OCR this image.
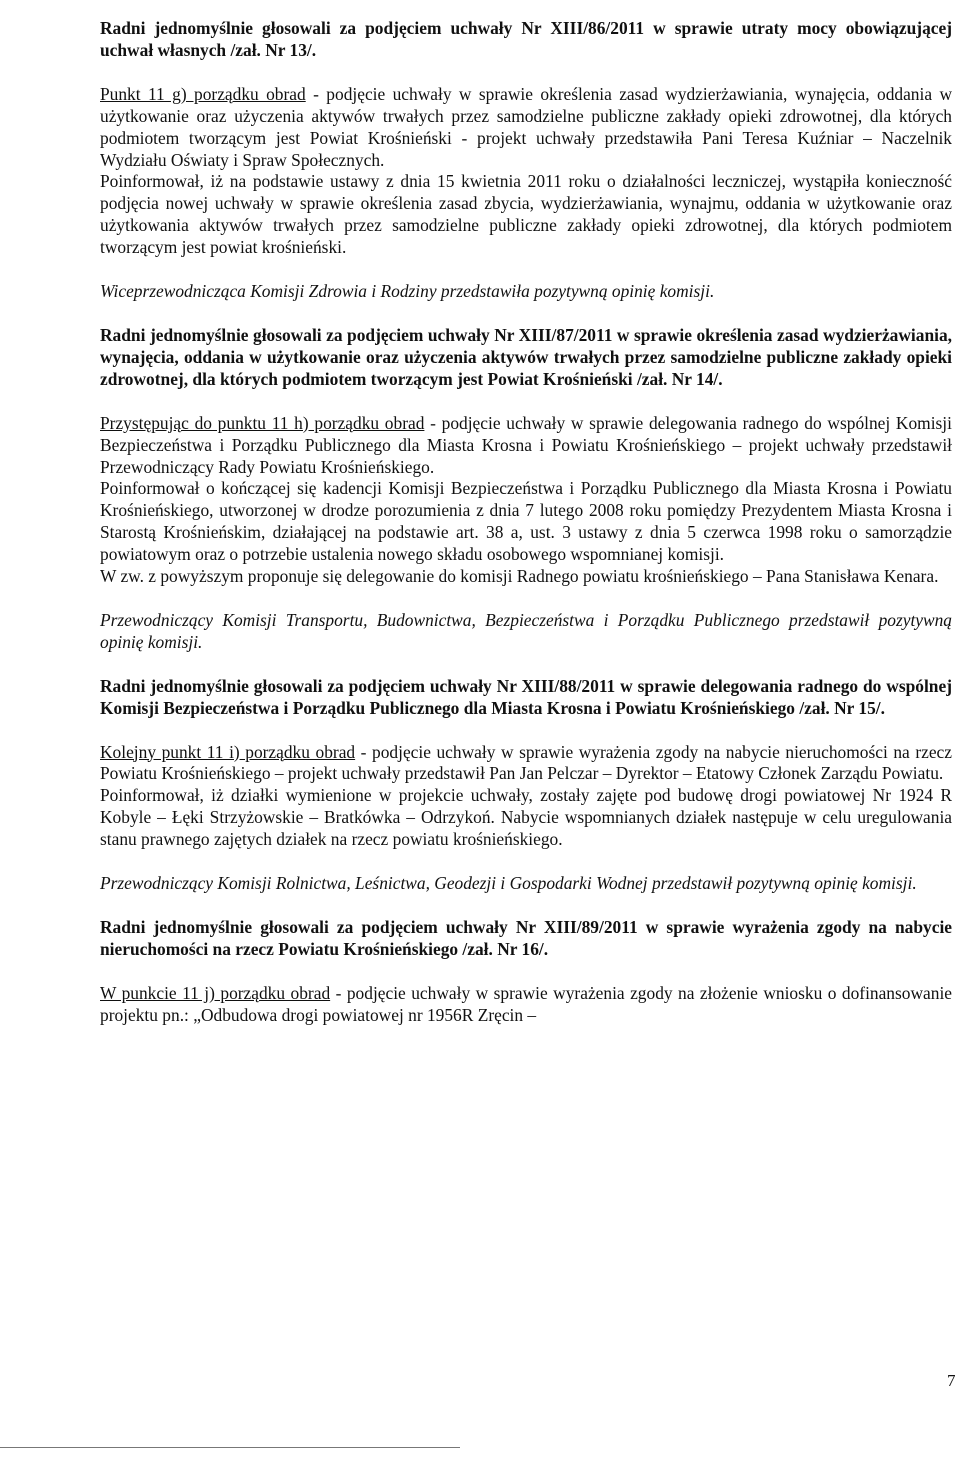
Radni jednomyślnie głosowali za podjęciem uchwały Nr XIII/86/2011 w sprawie utraty mocy obowiązującej uchwał własnych /zał. Nr 13/.

Punkt 11 g) porządku obrad - podjęcie uchwały w sprawie określenia zasad wydzierżawiania, wynajęcia, oddania w użytkowanie oraz użyczenia aktywów trwałych przez samodzielne publiczne zakłady opieki zdrowotnej, dla których podmiotem tworzącym jest Powiat Krośnieński - projekt uchwały przedstawiła Pani Teresa Kuźniar – Naczelnik Wydziału Oświaty i Spraw Społecznych.

Poinformował, iż na podstawie ustawy z dnia 15 kwietnia 2011 roku o działalności leczniczej, wystąpiła konieczność podjęcia nowej uchwały w sprawie określenia zasad zbycia, wydzierżawiania, wynajmu, oddania w użytkowanie oraz użytkowania aktywów trwałych przez samodzielne publiczne zakłady opieki zdrowotnej, dla których podmiotem tworzącym jest powiat krośnieński.

Wiceprzewodnicząca Komisji Zdrowia i Rodziny przedstawiła pozytywną opinię komisji.

Radni jednomyślnie głosowali za podjęciem uchwały Nr XIII/87/2011 w sprawie określenia zasad wydzierżawiania, wynajęcia, oddania w użytkowanie oraz użyczenia aktywów trwałych przez samodzielne publiczne zakłady opieki zdrowotnej, dla których podmiotem tworzącym jest Powiat Krośnieński /zał. Nr 14/.

Przystępując do punktu 11 h) porządku obrad - podjęcie uchwały w sprawie delegowania radnego do wspólnej Komisji Bezpieczeństwa i Porządku Publicznego dla Miasta Krosna i Powiatu Krośnieńskiego – projekt uchwały przedstawił Przewodniczący Rady Powiatu Krośnieńskiego.

Poinformował o kończącej się kadencji Komisji Bezpieczeństwa i Porządku Publicznego dla Miasta Krosna i Powiatu Krośnieńskiego, utworzonej w drodze porozumienia z dnia 7 lutego 2008 roku pomiędzy Prezydentem Miasta Krosna i Starostą Krośnieńskim, działającej na podstawie art. 38 a, ust. 3 ustawy z dnia 5 czerwca 1998 roku o samorządzie powiatowym oraz o potrzebie ustalenia nowego składu osobowego wspomnianej komisji.

W zw. z powyższym proponuje się delegowanie do komisji Radnego powiatu krośnieńskiego – Pana Stanisława Kenara.

Przewodniczący Komisji Transportu, Budownictwa, Bezpieczeństwa i Porządku Publicznego przedstawił pozytywną opinię komisji.

Radni jednomyślnie głosowali za podjęciem uchwały Nr XIII/88/2011 w sprawie delegowania radnego do wspólnej Komisji Bezpieczeństwa i Porządku Publicznego dla Miasta Krosna i Powiatu Krośnieńskiego /zał. Nr 15/.

Kolejny punkt 11 i) porządku obrad - podjęcie uchwały w sprawie wyrażenia zgody na nabycie nieruchomości na rzecz Powiatu Krośnieńskiego – projekt uchwały przedstawił Pan Jan Pelczar – Dyrektor – Etatowy Członek Zarządu Powiatu.

Poinformował, iż działki wymienione w projekcie uchwały, zostały zajęte pod budowę drogi powiatowej Nr 1924 R Kobyle – Łęki Strzyżowskie – Bratkówka – Odrzykoń. Nabycie wspomnianych działek następuje w celu uregulowania stanu prawnego zajętych działek na rzecz powiatu krośnieńskiego.

Przewodniczący Komisji Rolnictwa, Leśnictwa, Geodezji i Gospodarki Wodnej przedstawił pozytywną opinię komisji.

Radni jednomyślnie głosowali za podjęciem uchwały Nr XIII/89/2011 w sprawie wyrażenia zgody na nabycie nieruchomości na rzecz Powiatu Krośnieńskiego /zał. Nr 16/.

W punkcie 11 j) porządku obrad - podjęcie uchwały w sprawie wyrażenia zgody na złożenie wniosku o dofinansowanie projektu pn.: „Odbudowa drogi powiatowej nr 1956R Zręcin –

7
